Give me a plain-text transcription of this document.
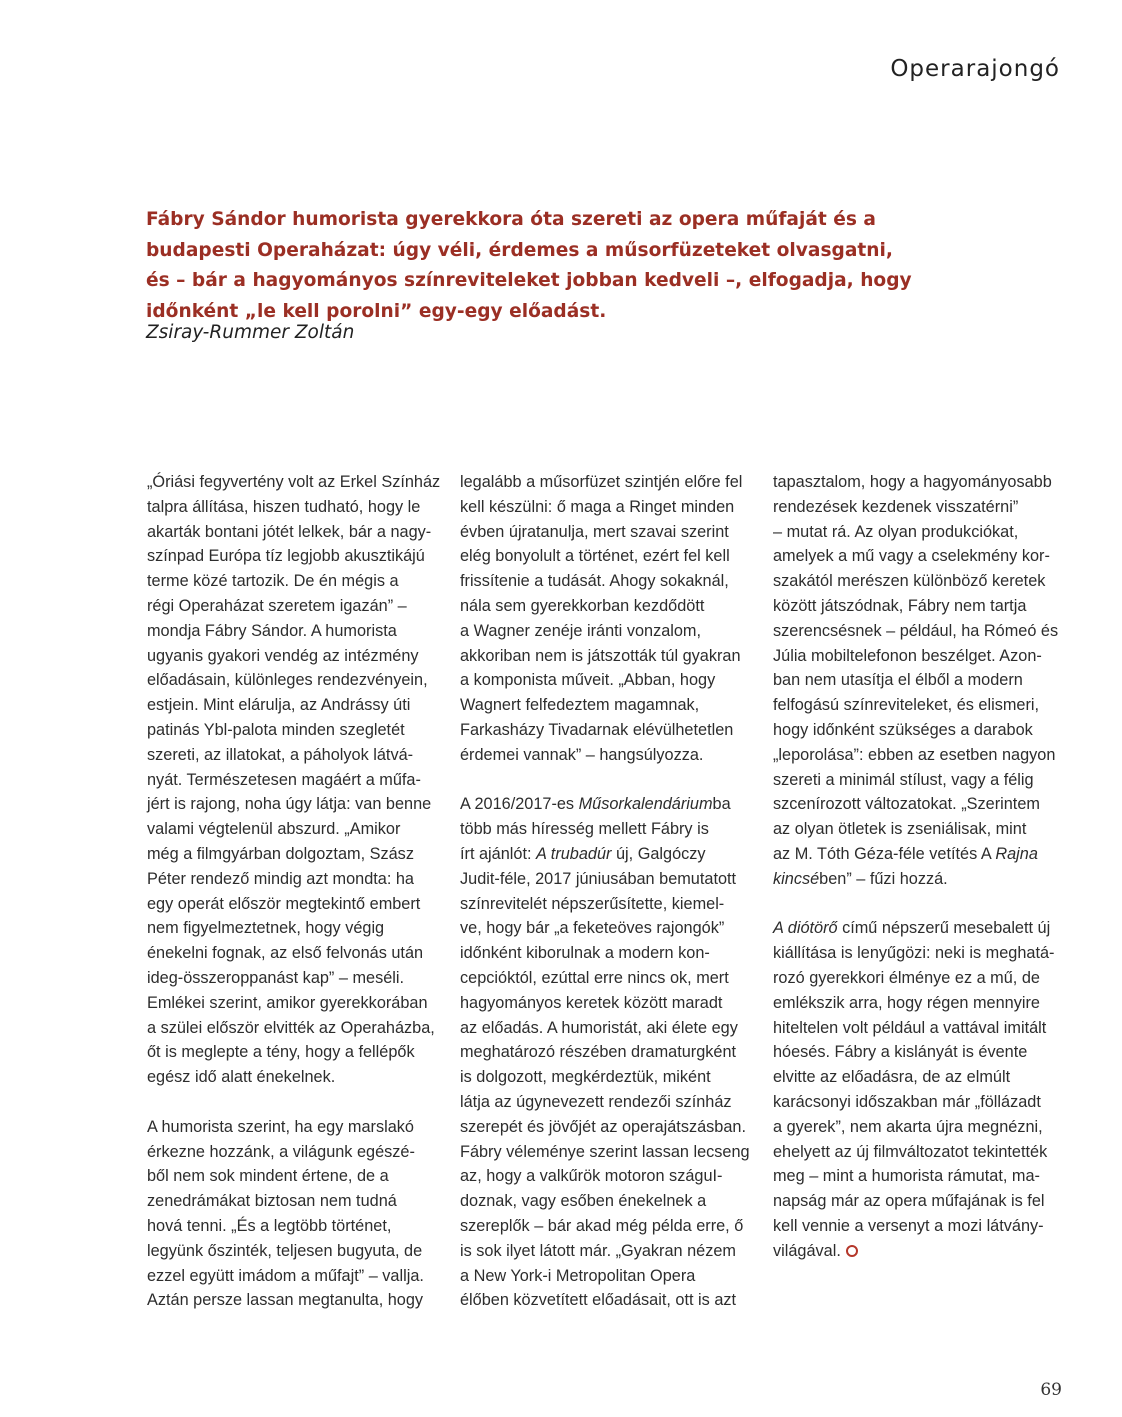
Operarajongó

Fábry Sándor humorista gyerekkora óta szereti az opera műfaját és a

budapesti Operaházat: úgy véli, érdemes a műsorfüzeteket olvasgatni,

és – bár a hagyományos színreviteleket jobban kedveli –, elfogadja, hogy

időnként „le kell porolni” egy-egy előadást.

Zsiray-Rummer Zoltán
„Óriási fegyvertény volt az Erkel Színház
talpra állítása, hiszen tudható, hogy le
akarták bontani jótét lelkek, bár a nagy-
színpad Európa tíz legjobb akusztikájú
terme közé tartozik. De én mégis a
régi Operaházat szeretem igazán” –
mondja Fábry Sándor. A humorista
ugyanis gyakori vendég az intézmény
előadásain, különleges rendezvényein,
estjein. Mint elárulja, az Andrássy úti
patinás Ybl-palota minden szegletét
szereti, az illatokat, a páholyok látvá-
nyát. Természetesen magáért a műfa-
jért is rajong, noha úgy látja: van benne
valami végtelenül abszurd. „Amikor
még a filmgyárban dolgoztam, Szász
Péter rendező mindig azt mondta: ha
egy operát először megtekintő embert
nem figyelmeztetnek, hogy végig
énekelni fognak, az első felvonás után
ideg-összeroppanást kap” – meséli.
Emlékei szerint, amikor gyerekkorában
a szülei először elvitték az Operaházba,
őt is meglepte a tény, hogy a fellépők
egész idő alatt énekelnek.
A humorista szerint, ha egy marslakó
érkezne hozzánk, a világunk egészé-
ből nem sok mindent értene, de a
zenedrámákat biztosan nem tudná
hová tenni. „És a legtöbb történet,
legyünk őszinték, teljesen bugyuta, de
ezzel együtt imádom a műfajt” – vallja.
Aztán persze lassan megtanulta, hogy
legalább a műsorfüzet szintjén előre fel
kell készülni: ő maga a Ringet minden
évben újratanulja, mert szavai szerint
elég bonyolult a történet, ezért fel kell
frissítenie a tudását. Ahogy sokaknál,
nála sem gyerekkorban kezdődött
a Wagner zenéje iránti vonzalom,
akkoriban nem is játszották túl gyakran
a komponista műveit. „Abban, hogy
Wagnert felfedeztem magamnak,
Farkasházy Tivadarnak elévülhetetlen
érdemei vannak” – hangsúlyozza.
A 2016/2017-es Műsorkalendáriumba
több más híresség mellett Fábry is
írt ajánlót: A trubadúr új, Galgóczy
Judit-féle, 2017 júniusában bemutatott
színrevitelét népszerűsítette, kiemel-
ve, hogy bár „a feketeöves rajongók”
időnként kiborulnak a modern kon-
cepcióktól, ezúttal erre nincs ok, mert
hagyományos keretek között maradt
az előadás. A humoristát, aki élete egy
meghatározó részében dramaturgként
is dolgozott, megkérdeztük, miként
látja az úgynevezett rendezői színház
szerepét és jövőjét az operajátszásban.
Fábry véleménye szerint lassan lecseng
az, hogy a valkűrök motoron száguI-
doznak, vagy esőben énekelnek a
szereplők – bár akad még példa erre, ő
is sok ilyet látott már. „Gyakran nézem
a New York-i Metropolitan Opera
élőben közvetített előadásait, ott is azt
tapasztalom, hogy a hagyományosabb
rendezések kezdenek visszatérni”
– mutat rá. Az olyan produkciókat,
amelyek a mű vagy a cselekmény kor-
szakától merészen különböző keretek
között játszódnak, Fábry nem tartja
szerencsésnek – például, ha Rómeó és
Júlia mobiltelefonon beszélget. Azon-
ban nem utasítja el élből a modern
felfogású színreviteleket, és elismeri,
hogy időnként szükséges a darabok
„leporolása”: ebben az esetben nagyon
szereti a minimál stílust, vagy a félig
szcenírozott változatokat. „Szerintem
az olyan ötletek is zseniálisak, mint
az M. Tóth Géza-féle vetítés A Rajna
kincsében” – fűzi hozzá.
A diótörő című népszerű mesebalett új
kiállítása is lenyűgözi: neki is meghatá-
rozó gyerekkori élménye ez a mű, de
emlékszik arra, hogy régen mennyire
hiteltelen volt például a vattával imitált
hóesés. Fábry a kislányát is évente
elvitte az előadásra, de az elmúlt
karácsonyi időszakban már „föllázadt
a gyerek”, nem akarta újra megnézni,
ehelyett az új filmváltozatot tekintették
meg – mint a humorista rámutat, ma-
napság már az opera műfajának is fel
kell vennie a versenyt a mozi látvány-
világával.
69
